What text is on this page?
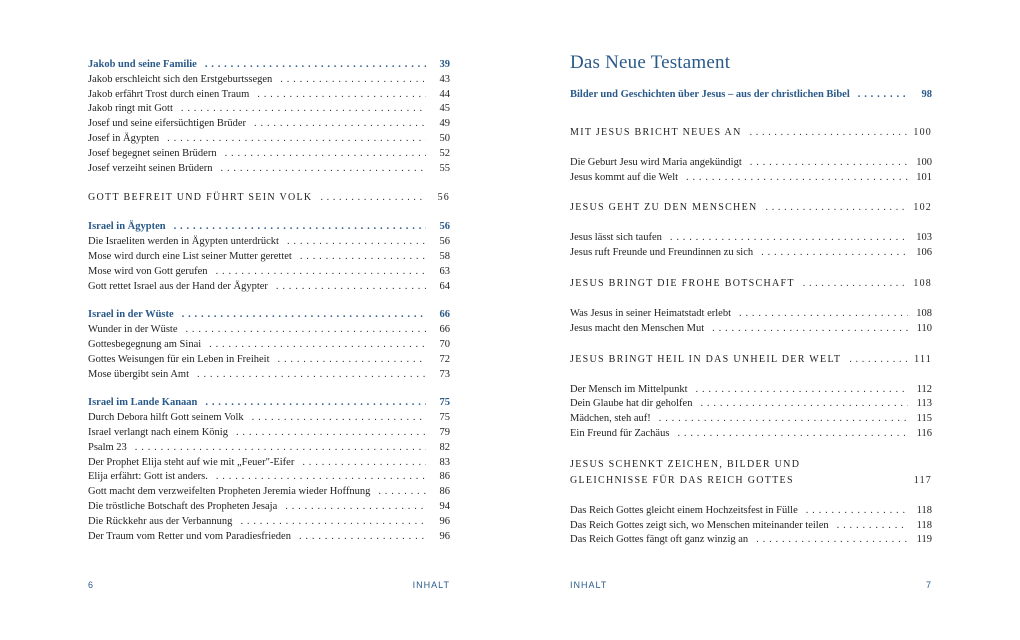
Jakob und seine Familie . . .	39
Jakob erschleicht sich den Erstgeburtssegen . . .	43
Jakob erfährt Trost durch einen Traum . . .	44
Jakob ringt mit Gott . . .	45
Josef und seine eifersüchtigen Brüder . . .	49
Josef in Ägypten . . .	50
Josef begegnet seinen Brüdern . . .	52
Josef verzeiht seinen Brüdern . . .	55
GOTT BEFREIT UND FÜHRT SEIN VOLK . . .	56
Israel in Ägypten . . .	56
Die Israeliten werden in Ägypten unterdrückt . . .	56
Mose wird durch eine List seiner Mutter gerettet . . .	58
Mose wird von Gott gerufen . . .	63
Gott rettet Israel aus der Hand der Ägypter . . .	64
Israel in der Wüste . . .	66
Wunder in der Wüste . . .	66
Gottesbegegnung am Sinai . . .	70
Gottes Weisungen für ein Leben in Freiheit . . .	72
Mose übergibt sein Amt . . .	73
Israel im Lande Kanaan . . .	75
Durch Debora hilft Gott seinem Volk . . .	75
Israel verlangt nach einem König . . .	79
Psalm 23 . . .	82
Der Prophet Elija steht auf wie mit „Feuer"-Eifer . . .	83
Elija erfährt: Gott ist anders. . . .	86
Gott macht dem verzweifelten Propheten Jeremia wieder Hoffnung . . .	86
Die tröstliche Botschaft des Propheten Jesaja . . .	94
Die Rückkehr aus der Verbannung . . .	96
Der Traum vom Retter und vom Paradiesfrieden . . .	96
6	INHALT
Das Neue Testament
Bilder und Geschichten über Jesus – aus der christlichen Bibel . . .	98
MIT JESUS BRICHT NEUES AN . . .	100
Die Geburt Jesu wird Maria angekündigt . . .	100
Jesus kommt auf die Welt . . .	101
JESUS GEHT ZU DEN MENSCHEN . . .	102
Jesus lässt sich taufen . . .	103
Jesus ruft Freunde und Freundinnen zu sich . . .	106
JESUS BRINGT DIE FROHE BOTSCHAFT . . .	108
Was Jesus in seiner Heimatstadt erlebt . . .	108
Jesus macht den Menschen Mut . . .	110
JESUS BRINGT HEIL IN DAS UNHEIL DER WELT . . .	111
Der Mensch im Mittelpunkt . . .	112
Dein Glaube hat dir geholfen . . .	113
Mädchen, steh auf! . . .	115
Ein Freund für Zachäus . . .	116
JESUS SCHENKT ZEICHEN, BILDER UND GLEICHNISSE FÜR DAS REICH GOTTES	117
Das Reich Gottes gleicht einem Hochzeitsfest in Fülle . . .	118
Das Reich Gottes zeigt sich, wo Menschen miteinander teilen . . .	118
Das Reich Gottes fängt oft ganz winzig an . . .	119
INHALT	7
